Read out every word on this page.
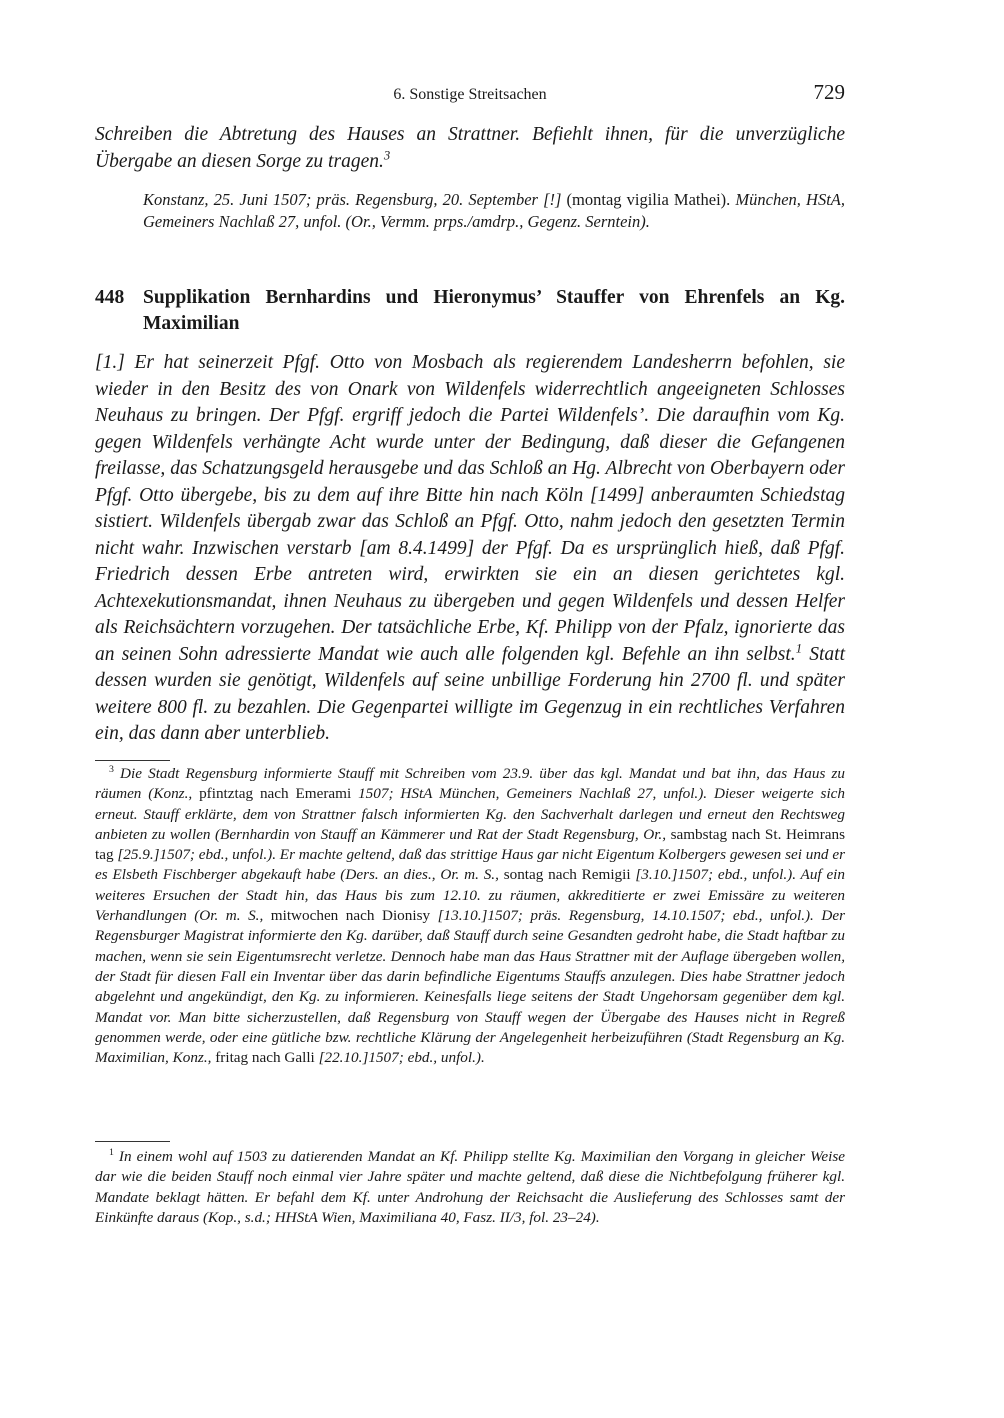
6. Sonstige Streitsachen	729
Schreiben die Abtretung des Hauses an Strattner. Befiehlt ihnen, für die unverzügliche Übergabe an diesen Sorge zu tragen.$^3$
Konstanz, 25. Juni 1507; präs. Regensburg, 20. September [!] (montag vigilia Mathei). München, HStA, Gemeiners Nachlaß 27, unfol. (Or., Vermm. prps./amdrp., Gegenz. Serntein).
448 Supplikation Bernhardins und Hieronymus’ Stauffer von Ehrenfels an Kg. Maximilian
[1.] Er hat seinerzeit Pfgf. Otto von Mosbach als regierendem Landesherrn befohlen, sie wieder in den Besitz des von Onark von Wildenfels widerrechtlich angeeigneten Schlosses Neuhaus zu bringen. Der Pfgf. ergriff jedoch die Partei Wildenfels’. Die daraufhin vom Kg. gegen Wildenfels verhängte Acht wurde unter der Bedingung, daß dieser die Gefangenen freilasse, das Schatzungsgeld herausgebe und das Schloß an Hg. Albrecht von Oberbayern oder Pfgf. Otto übergebe, bis zu dem auf ihre Bitte hin nach Köln [1499] anberaumten Schiedstag sistiert. Wildenfels übergab zwar das Schloß an Pfgf. Otto, nahm jedoch den gesetzten Termin nicht wahr. Inzwischen verstarb [am 8.4.1499] der Pfgf. Da es ursprünglich hieß, daß Pfgf. Friedrich dessen Erbe antreten wird, erwirkten sie ein an diesen gerichtetes kgl. Achtexekutionsmandat, ihnen Neuhaus zu übergeben und gegen Wildenfels und dessen Helfer als Reichsächtern vorzugehen. Der tatsächliche Erbe, Kf. Philipp von der Pfalz, ignorierte das an seinen Sohn adressierte Mandat wie auch alle folgenden kgl. Befehle an ihn selbst.$^1$ Statt dessen wurden sie genötigt, Wildenfels auf seine unbillige Forderung hin 2700 fl. und später weitere 800 fl. zu bezahlen. Die Gegenpartei willigte im Gegenzug in ein rechtliches Verfahren ein, das dann aber unterblieb.
$^3$ Die Stadt Regensburg informierte Stauff mit Schreiben vom 23.9. über das kgl. Mandat und bat ihn, das Haus zu räumen (Konz., pfintztag nach Emerami 1507; HStA München, Gemeiners Nachlaß 27, unfol.). Dieser weigerte sich erneut. Stauff erklärte, dem von Strattner falsch informierten Kg. den Sachverhalt darlegen und erneut den Rechtsweg anbieten zu wollen (Bernhardin von Stauff an Kämmerer und Rat der Stadt Regensburg, Or., sambstag nach St. Heimrans tag [25.9.]1507; ebd., unfol.). Er machte geltend, daß das strittige Haus gar nicht Eigentum Kolbergers gewesen sei und er es Elsbeth Fischberger abgekauft habe (Ders. an dies., Or. m. S., sontag nach Remigii [3.10.]1507; ebd., unfol.). Auf ein weiteres Ersuchen der Stadt hin, das Haus bis zum 12.10. zu räumen, akkreditierte er zwei Emissäre zu weiteren Verhandlungen (Or. m. S., mitwochen nach Dionisy [13.10.]1507; präs. Regensburg, 14.10.1507; ebd., unfol.). Der Regensburger Magistrat informierte den Kg. darüber, daß Stauff durch seine Gesandten gedroht habe, die Stadt haftbar zu machen, wenn sie sein Eigentumsrecht verletze. Dennoch habe man das Haus Strattner mit der Auflage übergeben wollen, der Stadt für diesen Fall ein Inventar über das darin befindliche Eigentums Stauffs anzulegen. Dies habe Strattner jedoch abgelehnt und angekündigt, den Kg. zu informieren. Keinesfalls liege seitens der Stadt Ungehorsam gegenüber dem kgl. Mandat vor. Man bitte sicherzustellen, daß Regensburg von Stauff wegen der Übergabe des Hauses nicht in Regreß genommen werde, oder eine gütliche bzw. rechtliche Klärung der Angelegenheit herbeizuführen (Stadt Regensburg an Kg. Maximilian, Konz., fritag nach Galli [22.10.]1507; ebd., unfol.).
$^1$ In einem wohl auf 1503 zu datierenden Mandat an Kf. Philipp stellte Kg. Maximilian den Vorgang in gleicher Weise dar wie die beiden Stauff noch einmal vier Jahre später und machte geltend, daß diese die Nichtbefolgung früherer kgl. Mandate beklagt hätten. Er befahl dem Kf. unter Androhung der Reichsacht die Auslieferung des Schlosses samt der Einkünfte daraus (Kop., s.d.; HHStA Wien, Maximiliana 40, Fasz. II/3, fol. 23–24).
